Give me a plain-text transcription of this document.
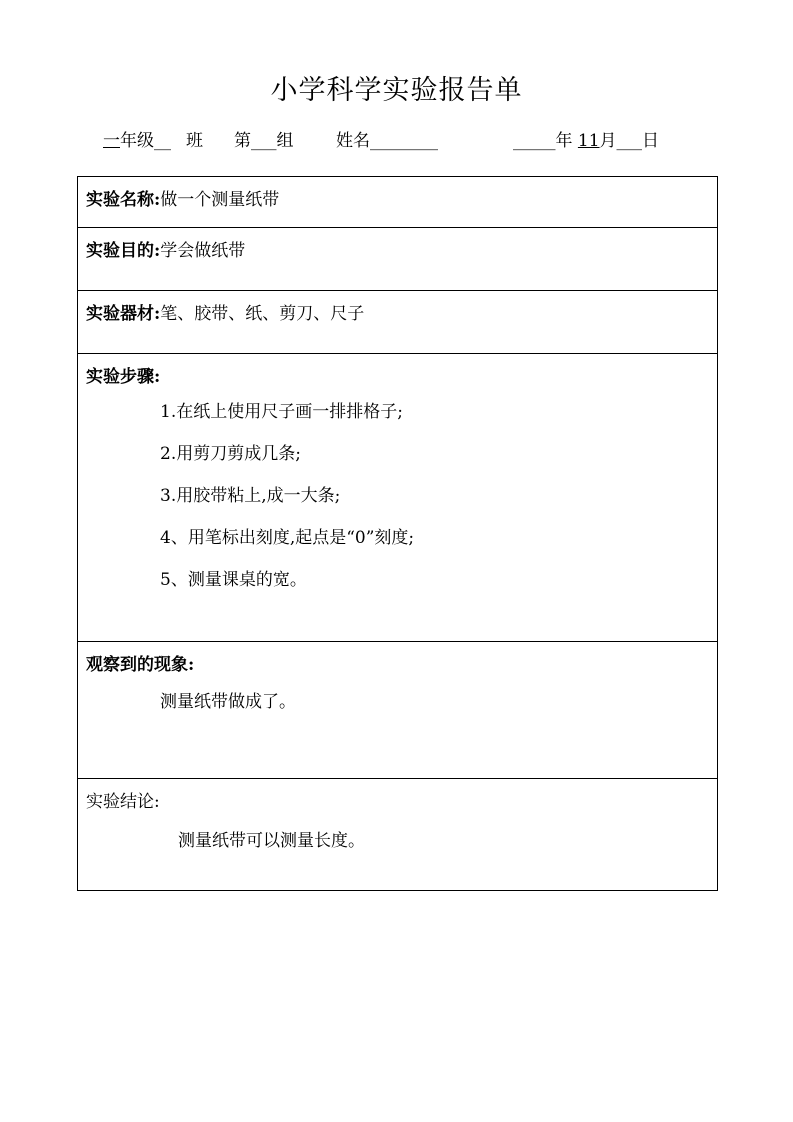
小学科学实验报告单
一年级__ 班 第___组	姓名________	_____年 11月___日
实验名称:做一个测量纸带
实验目的:学会做纸带
实验器材:笔、胶带、纸、剪刀、尺子

实验步骤:
1.在纸上使用尺子画一排排格子;
2.用剪刀剪成几条;
3.用胶带粘上,成一大条;
4、用笔标出刻度,起点是“0”刻度;
5、测量课桌的宽。

观察到的现象:
测量纸带做成了。

实验结论:
测量纸带可以测量长度。
